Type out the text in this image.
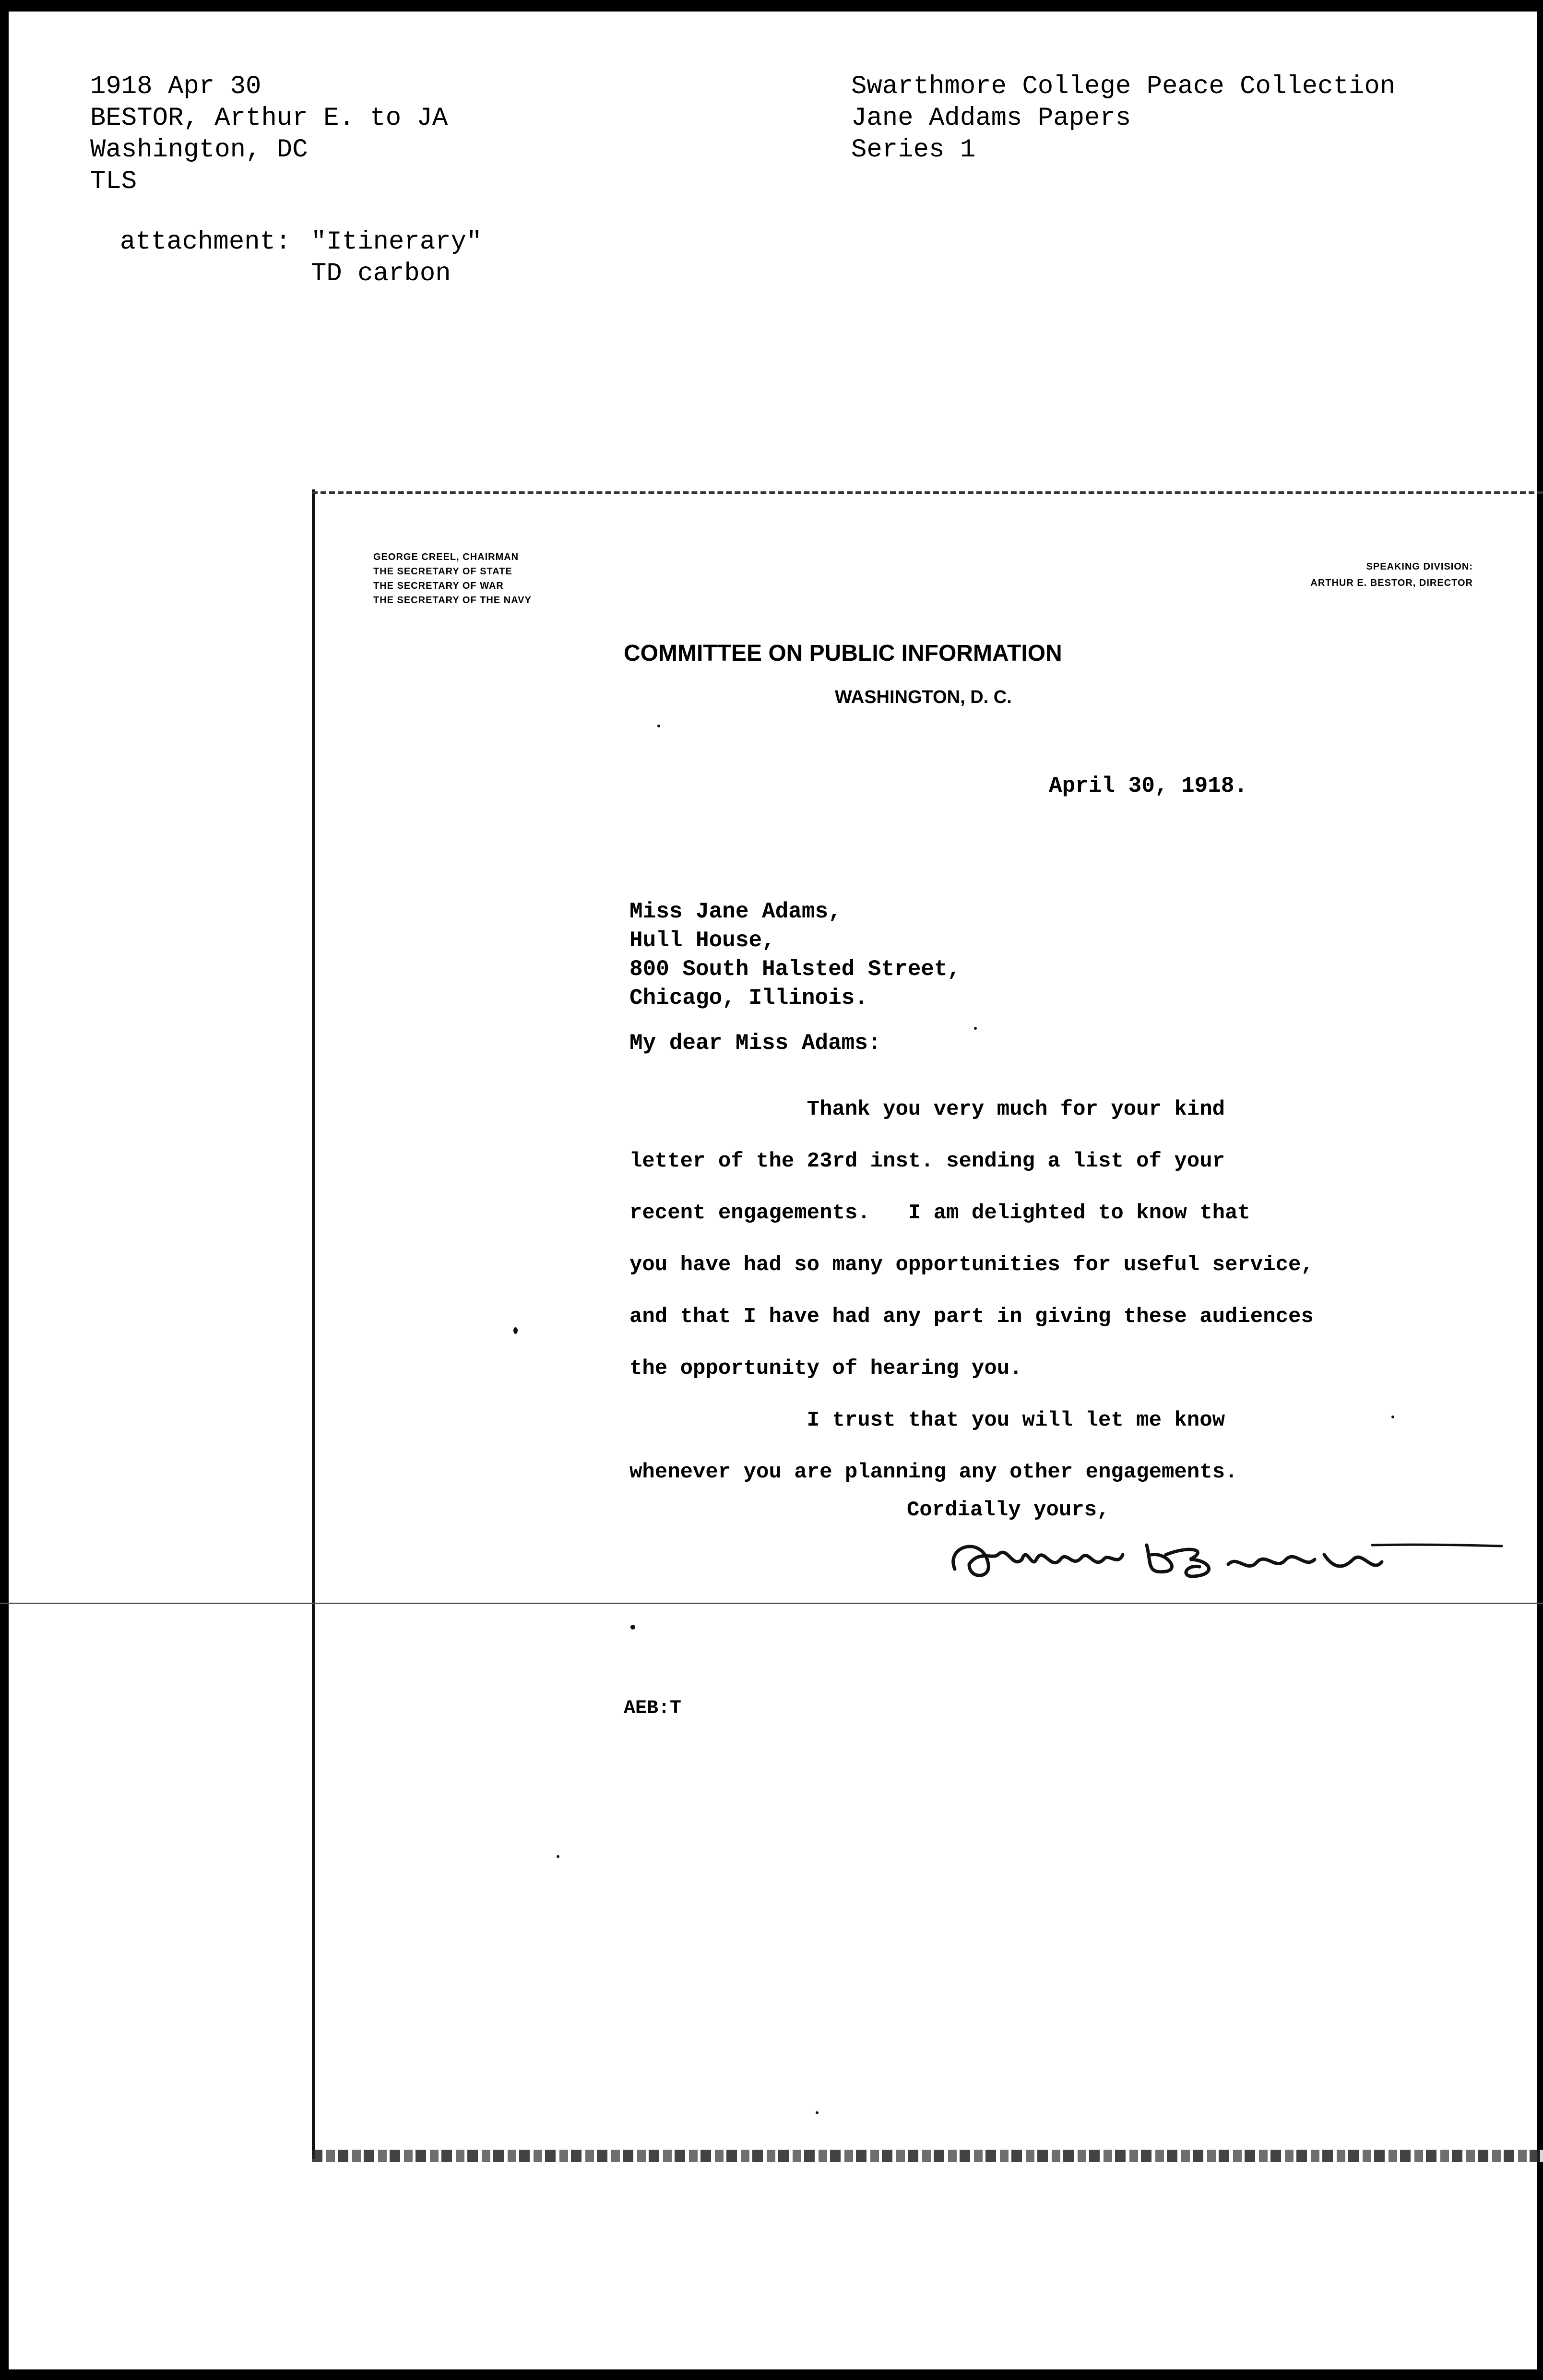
1918 Apr 30
BESTOR, Arthur E. to JA
Washington, DC
TLS
Swarthmore College Peace Collection
Jane Addams Papers
Series 1
attachment: "Itinerary"
TD carbon
GEORGE CREEL, CHAIRMAN
THE SECRETARY OF STATE
THE SECRETARY OF WAR
THE SECRETARY OF THE NAVY
SPEAKING DIVISION:
ARTHUR E. BESTOR, DIRECTOR
COMMITTEE ON PUBLIC INFORMATION
WASHINGTON, D. C.
April 30, 1918.
Miss Jane Adams,
Hull House,
800 South Halsted Street,
Chicago, Illinois.
My dear Miss Adams:
Thank you very much for your kind
letter of the 23rd inst. sending a list of your
recent engagements.   I am delighted to know that
you have had so many opportunities for useful service,
and that I have had any part in giving these audiences
the opportunity of hearing you.
I trust that you will let me know
whenever you are planning any other engagements.
Cordially yours,
AEB:T
